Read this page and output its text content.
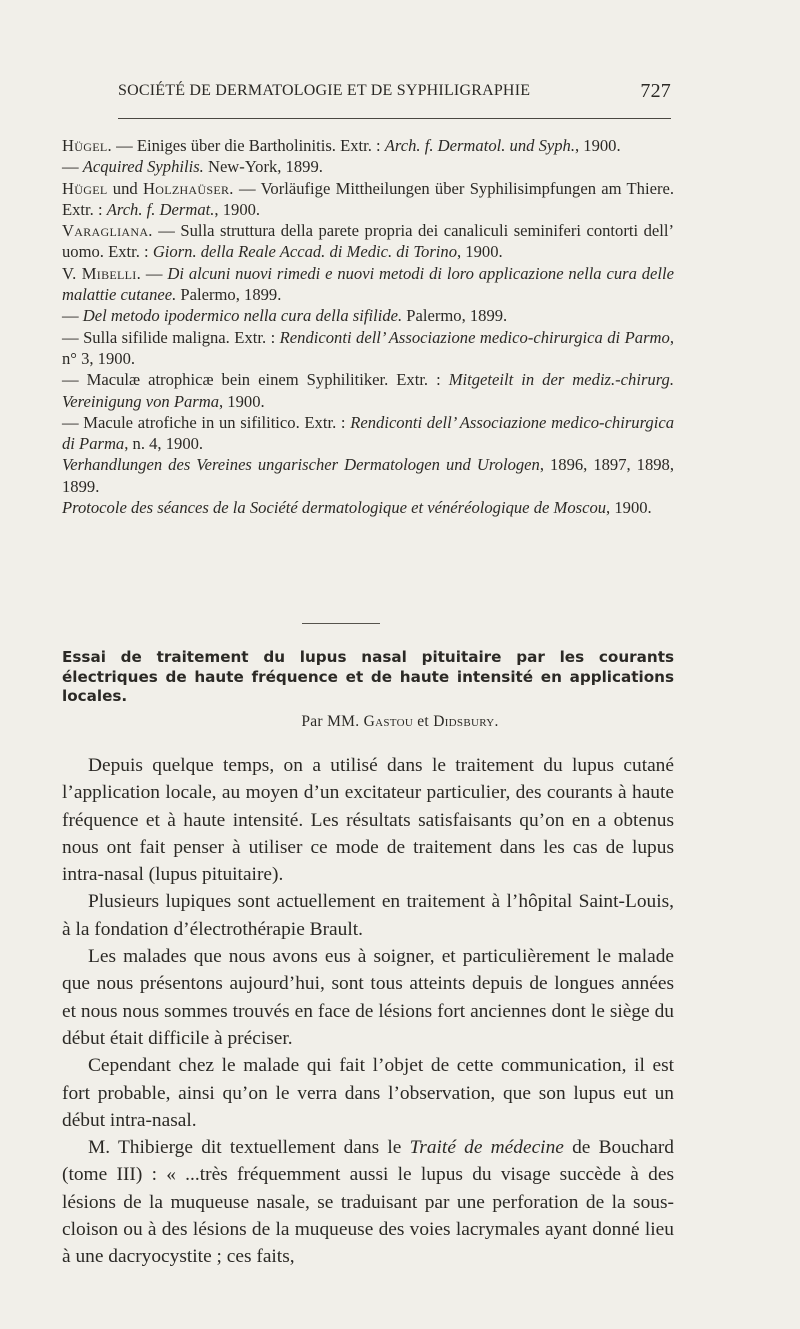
SOCIÉTÉ DE DERMATOLOGIE ET DE SYPHILIGRAPHIE	727

Hügel. — Einiges über die Bartholinitis. Extr. : Arch. f. Dermatol. und Syph., 1900.

— Acquired Syphilis. New-York, 1899.

Hügel und Holzhaüser. — Vorläufige Mittheilungen über Syphilisimpfungen am Thiere. Extr. : Arch. f. Dermat., 1900.

Varagliana. — Sulla struttura della parete propria dei canaliculi seminiferi contorti dell’ uomo. Extr. : Giorn. della Reale Accad. di Medic. di Torino, 1900.

V. Mibelli. — Di alcuni nuovi rimedi e nuovi metodi di loro applicazione nella cura delle malattie cutanee. Palermo, 1899.

— Del metodo ipodermico nella cura della sifilide. Palermo, 1899.

— Sulla sifilide maligna. Extr. : Rendiconti dell’ Associazione medico-chirurgica di Parmo, n° 3, 1900.

— Maculæ atrophicæ bein einem Syphilitiker. Extr. : Mitgeteilt in der mediz.-chirurg. Vereinigung von Parma, 1900.

— Macule atrofiche in un sifilitico. Extr. : Rendiconti dell’ Associazione medico-chirurgica di Parma, n. 4, 1900.

Verhandlungen des Vereines ungarischer Dermatologen und Urologen, 1896, 1897, 1898, 1899.

Protocole des séances de la Société dermatologique et vénéréologique de Moscou, 1900.

Essai de traitement du lupus nasal pituitaire par les courants électriques de haute fréquence et de haute intensité en applications locales.
Par MM. Gastou et Didsbury.

Depuis quelque temps, on a utilisé dans le traitement du lupus cutané l’application locale, au moyen d’un excitateur particulier, des courants à haute fréquence et à haute intensité. Les résultats satisfaisants qu’on en a obtenus nous ont fait penser à utiliser ce mode de traitement dans les cas de lupus intra-nasal (lupus pituitaire).

Plusieurs lupiques sont actuellement en traitement à l’hôpital Saint-Louis, à la fondation d’électrothérapie Brault.

Les malades que nous avons eus à soigner, et particulièrement le malade que nous présentons aujourd’hui, sont tous atteints depuis de longues années et nous nous sommes trouvés en face de lésions fort anciennes dont le siège du début était difficile à préciser.

Cependant chez le malade qui fait l’objet de cette communication, il est fort probable, ainsi qu’on le verra dans l’observation, que son lupus eut un début intra-nasal.

M. Thibierge dit textuellement dans le Traité de médecine de Bouchard (tome III) : « ...très fréquemment aussi le lupus du visage succède à des lésions de la muqueuse nasale, se traduisant par une perforation de la sous-cloison ou à des lésions de la muqueuse des voies lacrymales ayant donné lieu à une dacryocystite ; ces faits,
